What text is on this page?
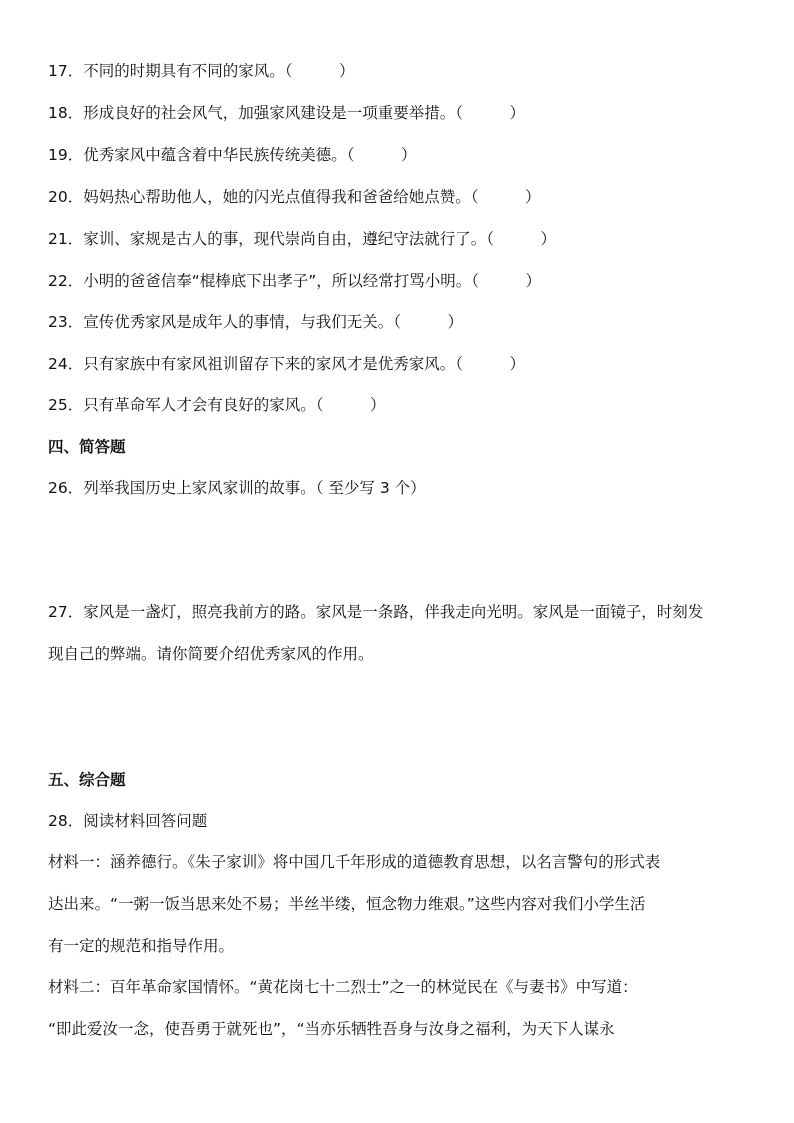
17．不同的时期具有不同的家风。（　　　）
18．形成良好的社会风气，加强家风建设是一项重要举措。（　　　）
19．优秀家风中蕴含着中华民族传统美德。（　　　）
20．妈妈热心帮助他人，她的闪光点值得我和爸爸给她点赞。（　　　）
21．家训、家规是古人的事，现代崇尚自由，遵纪守法就行了。（　　　）
22．小明的爸爸信奉“棍棒底下出孝子”，所以经常打骂小明。（　　　）
23．宣传优秀家风是成年人的事情，与我们无关。（　　　）
24．只有家族中有家风祖训留存下来的家风才是优秀家风。（　　　）
25．只有革命军人才会有良好的家风。（　　　）
四、简答题
26．列举我国历史上家风家训的故事。（ 至少写 3 个）

27．家风是一盏灯，照亮我前方的路。家风是一条路，伴我走向光明。家风是一面镜子，时刻发

现自己的弊端。请你简要介绍优秀家风的作用。

五、综合题
28．阅读材料回答问题

材料一：涵养德行。《朱子家训》将中国几千年形成的道德教育思想，以名言警句的形式表

达出来。“一粥一饭当思来处不易；半丝半缕，恒念物力维艰。”这些内容对我们小学生活

有一定的规范和指导作用。

材料二：百年革命家国情怀。“黄花岗七十二烈士”之一的林觉民在《与妻书》中写道：

“即此爱汝一念，使吾勇于就死也”，“当亦乐牺牲吾身与汝身之福利，为天下人谋永
